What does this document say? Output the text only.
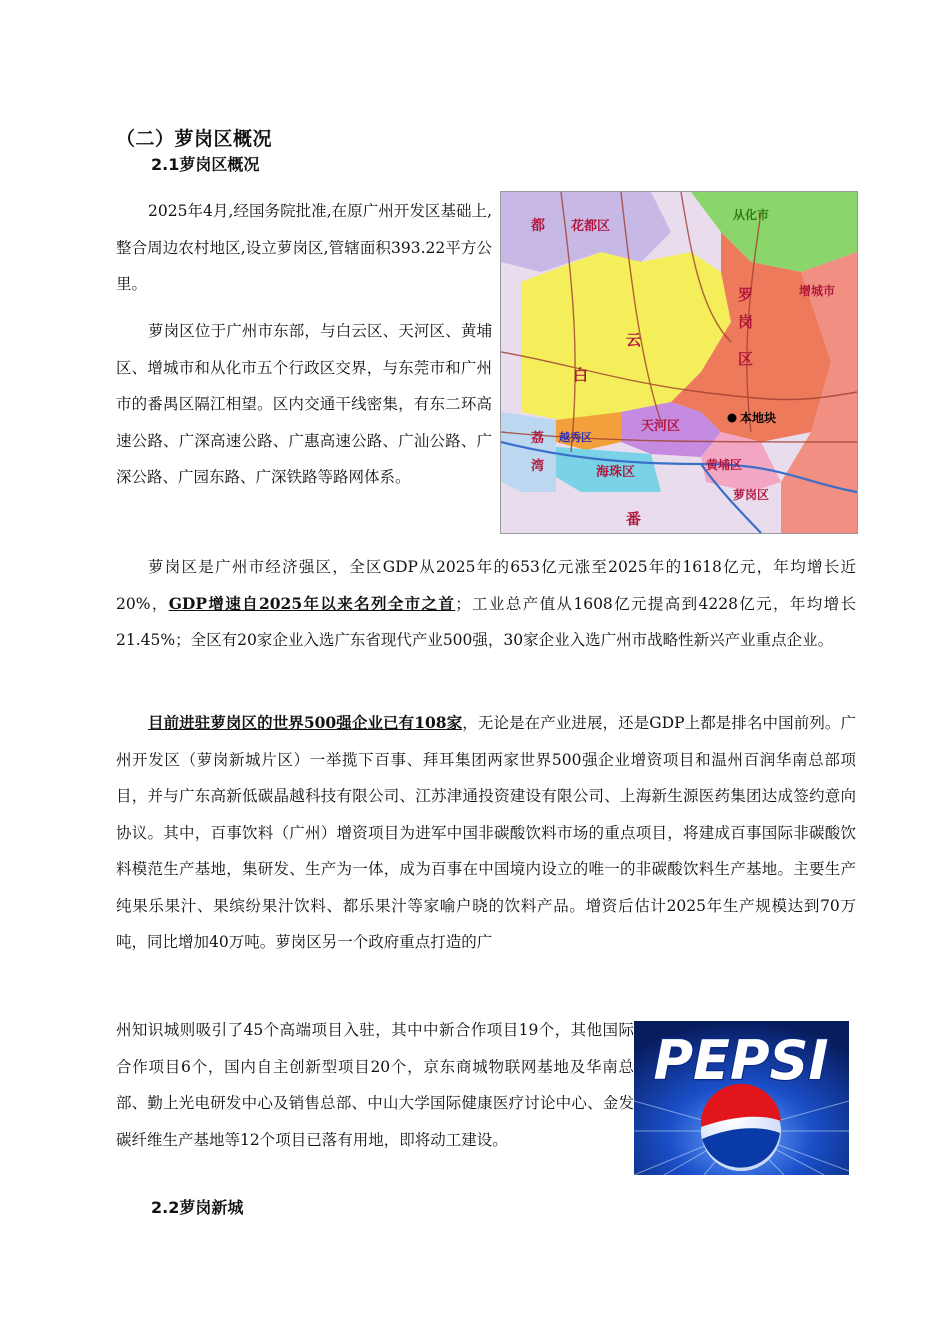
（二）萝岗区概况
2.1萝岗区概况
2025年4月,经国务院批准,在原广州开发区基础上,整合周边农村地区,设立萝岗区,管辖面积393.22平方公里。
萝岗区位于广州市东部，与白云区、天河区、黄埔区、增城市和从化市五个行政区交界，与东莞市和广州市的番禺区隔江相望。区内交通干线密集，有东二环高速公路、广深高速公路、广惠高速公路、广汕公路、广深公路、广园东路、广深铁路等路网体系。
都 花都区
从化市
增城市
罗
岗
区
云
白
天河区
越秀区
海珠区	黄埔区
萝岗区
本地块
荔
湾
番
萝岗区是广州市经济强区，全区GDP从2025年的653亿元涨至2025年的1618亿元，年均增长近20%，GDP增速自2025年以来名列全市之首；工业总产值从1608亿元提高到4228亿元，年均增长21.45%；全区有20家企业入选广东省现代产业500强，30家企业入选广州市战略性新兴产业重点企业。
目前进驻萝岗区的世界500强企业已有108家，无论是在产业进展，还是GDP上都是排名中国前列。广州开发区（萝岗新城片区）一举揽下百事、拜耳集团两家世界500强企业增资项目和温州百润华南总部项目，并与广东高新低碳晶越科技有限公司、江苏津通投资建设有限公司、上海新生源医药集团达成签约意向协议。其中，百事饮料（广州）增资项目为进军中国非碳酸饮料市场的重点项目，将建成百事国际非碳酸饮料模范生产基地，集研发、生产为一体，成为百事在中国境内设立的唯一的非碳酸饮料生产基地。主要生产纯果乐果汁、果缤纷果汁饮料、都乐果汁等家喻户晓的饮料产品。增资后估计2025年生产规模达到70万吨，同比增加40万吨。萝岗区另一个政府重点打造的广
州知识城则吸引了45个高端项目入驻，其中中新合作项目19个，其他国际合作项目6个，国内自主创新型项目20个，京东商城物联网基地及华南总部、勤上光电研发中心及销售总部、中山大学国际健康医疗讨论中心、金发碳纤维生产基地等12个项目已落有用地，即将动工建设。
PEPSI
2.2萝岗新城
